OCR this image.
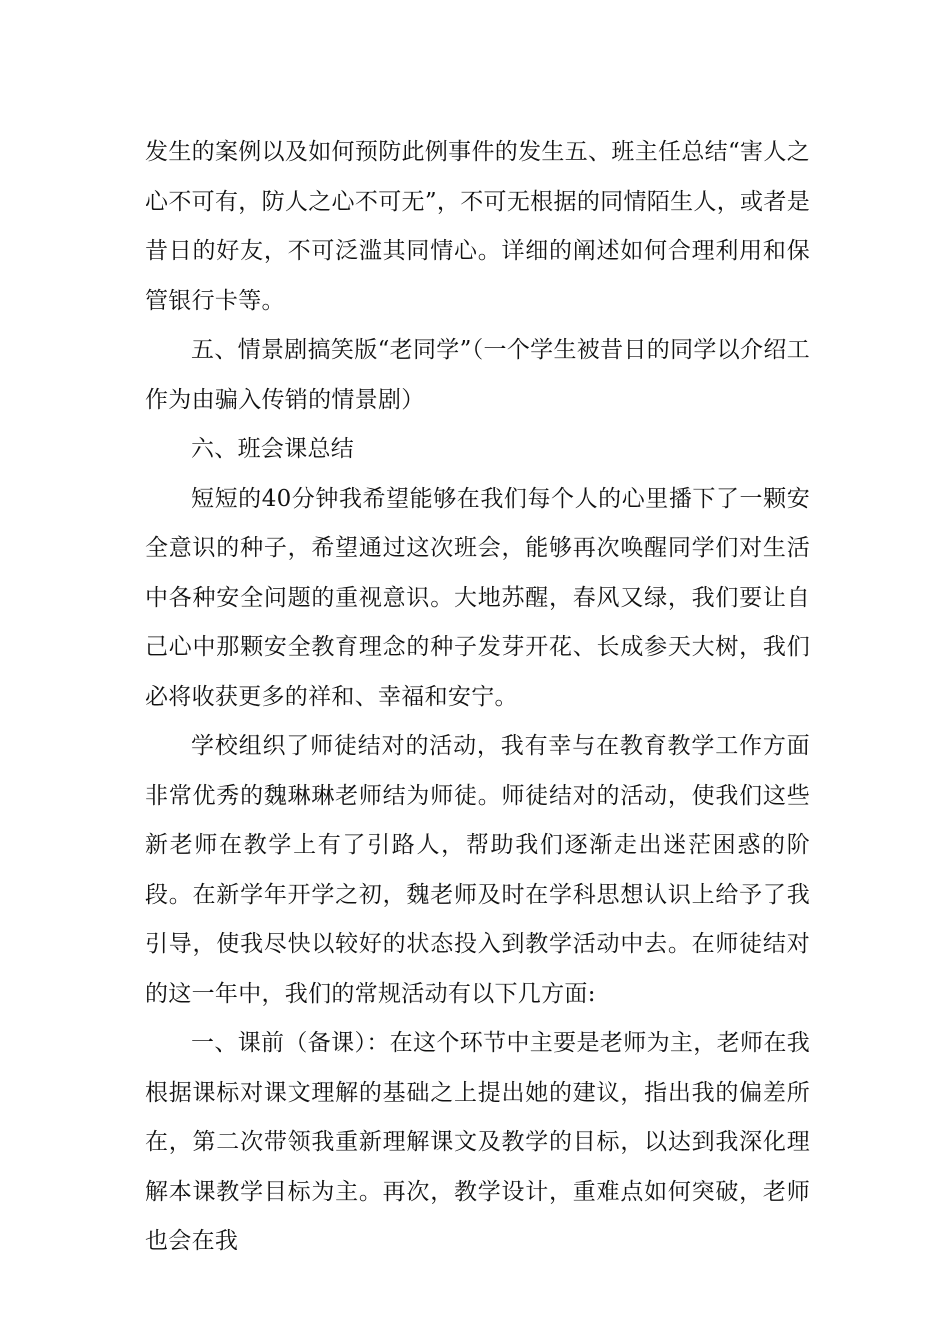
发生的案例以及如何预防此例事件的发生五、班主任总结“害人之心不可有，防人之心不可无”，不可无根据的同情陌生人，或者是昔日的好友，不可泛滥其同情心。详细的阐述如何合理利用和保管银行卡等。

五、情景剧搞笑版“老同学”（一个学生被昔日的同学以介绍工作为由骗入传销的情景剧）

六、班会课总结

短短的40分钟我希望能够在我们每个人的心里播下了一颗安全意识的种子，希望通过这次班会，能够再次唤醒同学们对生活中各种安全问题的重视意识。大地苏醒，春风又绿，我们要让自己心中那颗安全教育理念的种子发芽开花、长成参天大树，我们必将收获更多的祥和、幸福和安宁。

学校组织了师徒结对的活动，我有幸与在教育教学工作方面非常优秀的魏琳琳老师结为师徒。师徒结对的活动，使我们这些新老师在教学上有了引路人，帮助我们逐渐走出迷茫困惑的阶段。在新学年开学之初，魏老师及时在学科思想认识上给予了我引导，使我尽快以较好的状态投入到教学活动中去。在师徒结对的这一年中，我们的常规活动有以下几方面:

一、课前（备课）：在这个环节中主要是老师为主，老师在我根据课标对课文理解的基础之上提出她的建议，指出我的偏差所在，第二次带领我重新理解课文及教学的目标，以达到我深化理解本课教学目标为主。再次，教学设计，重难点如何突破，老师也会在我
